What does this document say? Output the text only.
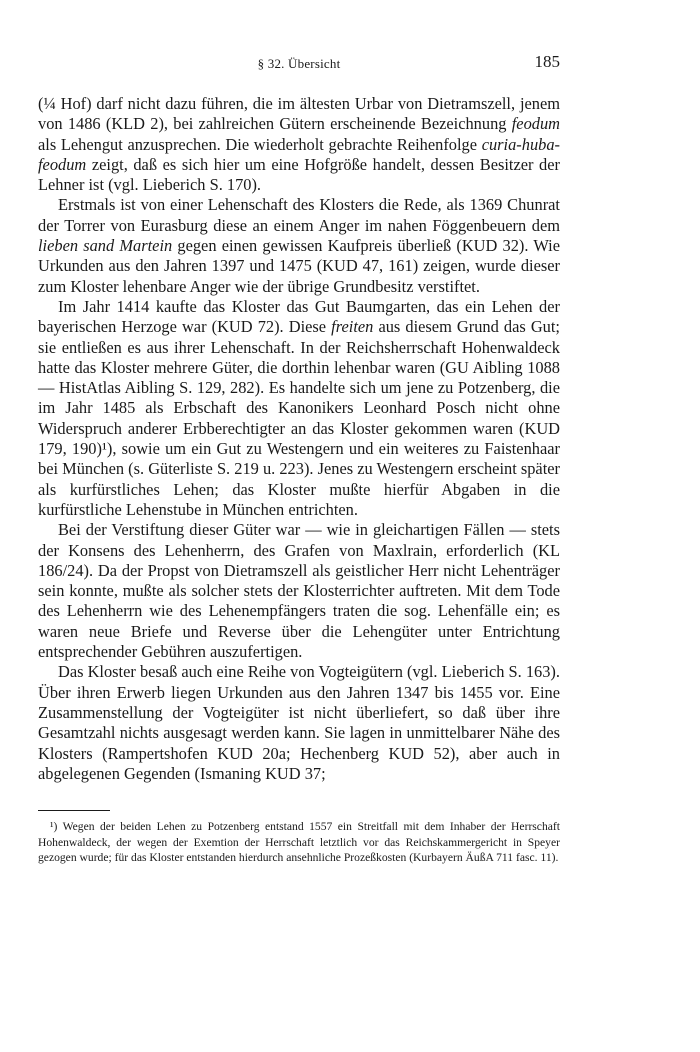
§ 32. Übersicht	185

(¼ Hof) darf nicht dazu führen, die im ältesten Urbar von Dietramszell, jenem von 1486 (KLD 2), bei zahlreichen Gütern erscheinende Bezeichnung feodum als Lehengut anzusprechen. Die wiederholt gebrachte Reihenfolge curia-huba-feodum zeigt, daß es sich hier um eine Hofgröße handelt, dessen Besitzer der Lehner ist (vgl. Lieberich S. 170).

Erstmals ist von einer Lehenschaft des Klosters die Rede, als 1369 Chunrat der Torrer von Eurasburg diese an einem Anger im nahen Föggenbeuern dem lieben sand Martein gegen einen gewissen Kaufpreis überließ (KUD 32). Wie Urkunden aus den Jahren 1397 und 1475 (KUD 47, 161) zeigen, wurde dieser zum Kloster lehenbare Anger wie der übrige Grundbesitz verstiftet.

Im Jahr 1414 kaufte das Kloster das Gut Baumgarten, das ein Lehen der bayerischen Herzoge war (KUD 72). Diese freiten aus diesem Grund das Gut; sie entließen es aus ihrer Lehenschaft. In der Reichsherrschaft Hohenwaldeck hatte das Kloster mehrere Güter, die dorthin lehenbar waren (GU Aibling 1088 — HistAtlas Aibling S. 129, 282). Es handelte sich um jene zu Potzenberg, die im Jahr 1485 als Erbschaft des Kanonikers Leonhard Posch nicht ohne Widerspruch anderer Erbberechtigter an das Kloster gekommen waren (KUD 179, 190)¹), sowie um ein Gut zu Westengern und ein weiteres zu Faistenhaar bei München (s. Güterliste S. 219 u. 223). Jenes zu Westengern erscheint später als kurfürstliches Lehen; das Kloster mußte hierfür Abgaben in die kurfürstliche Lehenstube in München entrichten.

Bei der Verstiftung dieser Güter war — wie in gleichartigen Fällen — stets der Konsens des Lehenherrn, des Grafen von Maxlrain, erforderlich (KL 186/24). Da der Propst von Dietramszell als geistlicher Herr nicht Lehenträger sein konnte, mußte als solcher stets der Klosterrichter auftreten. Mit dem Tode des Lehenherrn wie des Lehenempfängers traten die sog. Lehenfälle ein; es waren neue Briefe und Reverse über die Lehengüter unter Entrichtung entsprechender Gebühren auszufertigen.

Das Kloster besaß auch eine Reihe von Vogteigütern (vgl. Lieberich S. 163). Über ihren Erwerb liegen Urkunden aus den Jahren 1347 bis 1455 vor. Eine Zusammenstellung der Vogteigüter ist nicht überliefert, so daß über ihre Gesamtzahl nichts ausgesagt werden kann. Sie lagen in unmittelbarer Nähe des Klosters (Rampertshofen KUD 20a; Hechenberg KUD 52), aber auch in abgelegenen Gegenden (Ismaning KUD 37;

¹) Wegen der beiden Lehen zu Potzenberg entstand 1557 ein Streitfall mit dem Inhaber der Herrschaft Hohenwaldeck, der wegen der Exemtion der Herrschaft letztlich vor das Reichskammergericht in Speyer gezogen wurde; für das Kloster entstanden hierdurch ansehnliche Prozeßkosten (Kurbayern ÄußA 711 fasc. 11).
